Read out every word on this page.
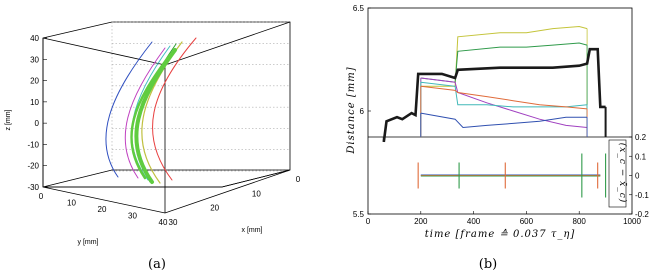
40
30
20
10
0
-10
-20
-30
z [mm]
0
10
20
30
40
y [mm]
30
20
10
0
x [mm]
(a)
0	200	400	600	800	1000
5.5
6
6.5
0.2
0.1
0
-0.1
-0.2
Distance [mm]
time [frame ≙ 0.037 τ_η]
(x_c − x̄_c)
(b)
